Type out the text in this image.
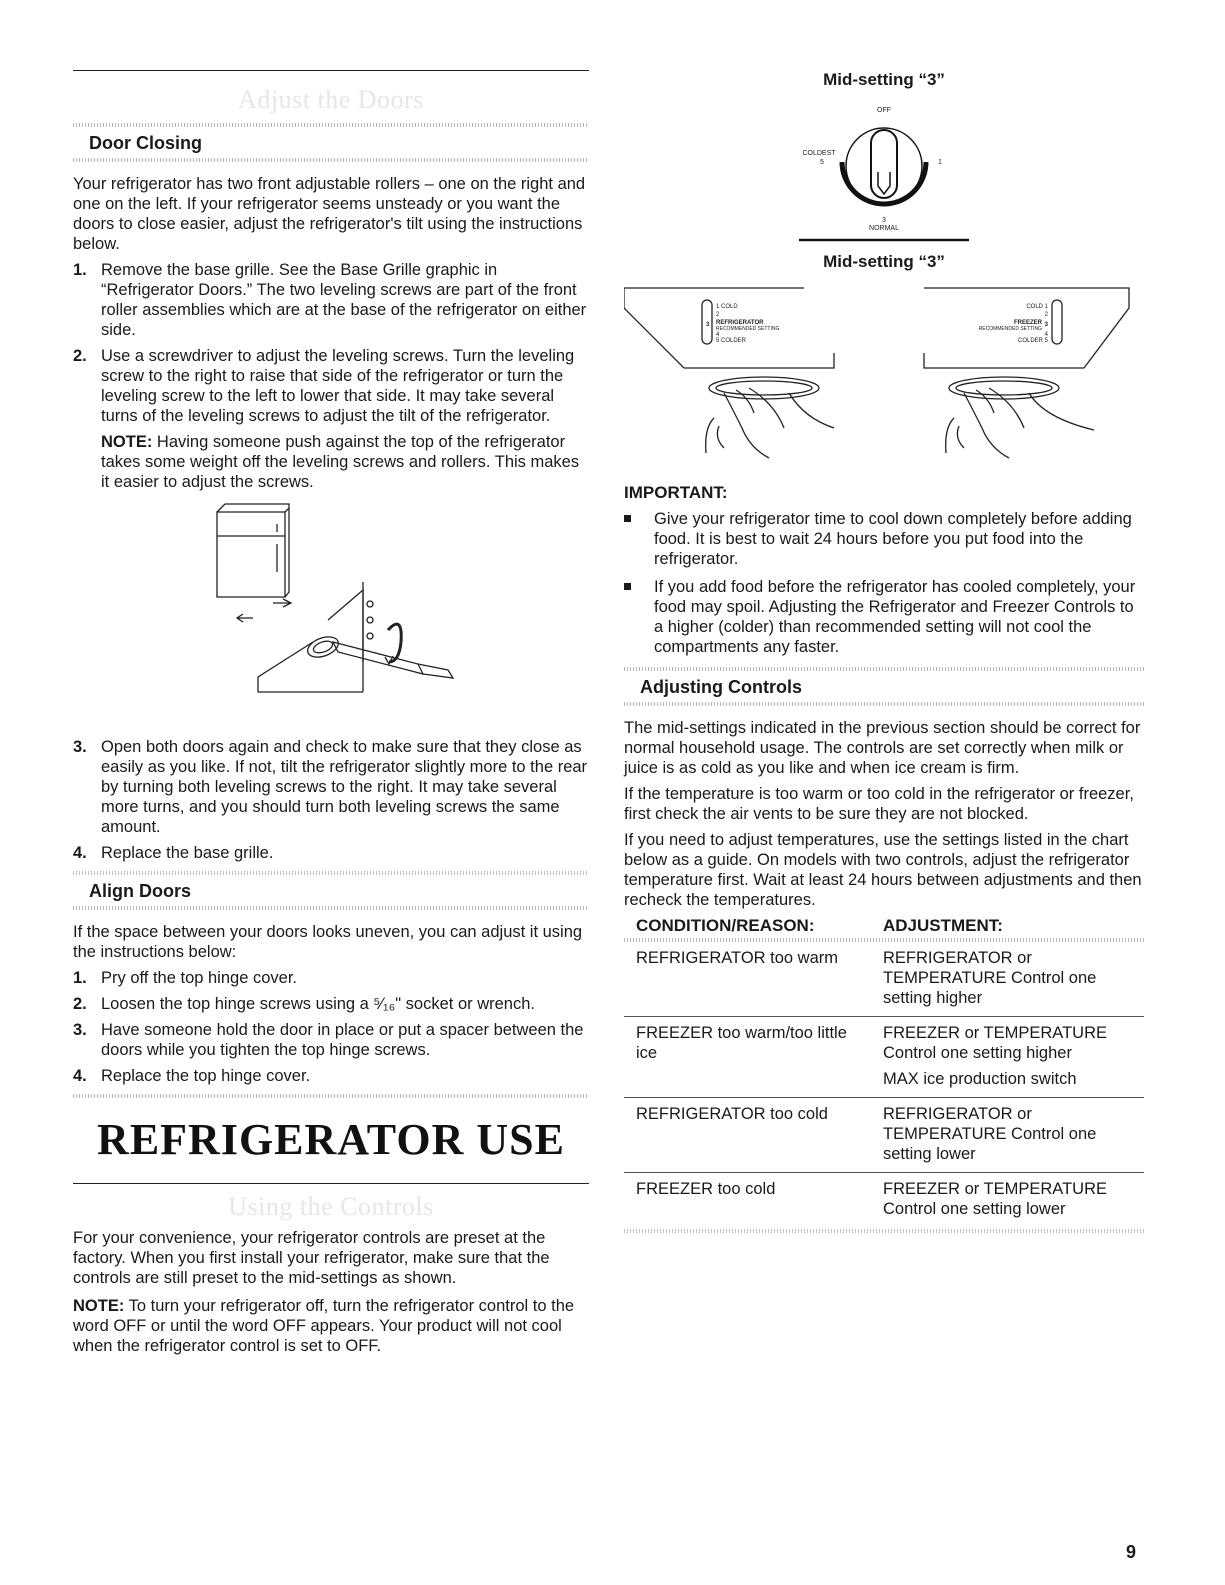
Adjust the Doors
Door Closing

Your refrigerator has two front adjustable rollers – one on the right and one on the left. If your refrigerator seems unsteady or you want the doors to close easier, adjust the refrigerator's tilt using the instructions below.

1. Remove the base grille. See the Base Grille graphic in “Refrigerator Doors.” The two leveling screws are part of the front roller assemblies which are at the base of the refrigerator on either side.
2. Use a screwdriver to adjust the leveling screws. Turn the leveling screw to the right to raise that side of the refrigerator or turn the leveling screw to the left to lower that side. It may take several turns of the leveling screws to adjust the tilt of the refrigerator.

NOTE: Having someone push against the top of the refrigerator takes some weight off the leveling screws and rollers. This makes it easier to adjust the screws.

3. Open both doors again and check to make sure that they close as easily as you like. If not, tilt the refrigerator slightly more to the rear by turning both leveling screws to the right. It may take several more turns, and you should turn both leveling screws the same amount.
4. Replace the base grille.
Align Doors

If the space between your doors looks uneven, you can adjust it using the instructions below:

1. Pry off the top hinge cover.
2. Loosen the top hinge screws using a ⁵⁄₁₆" socket or wrench.
3. Have someone hold the door in place or put a spacer between the doors while you tighten the top hinge screws.
4. Replace the top hinge cover.
REFRIGERATOR USE
Using the Controls

For your convenience, your refrigerator controls are preset at the factory. When you first install your refrigerator, make sure that the controls are still preset to the mid-settings as shown.

NOTE: To turn your refrigerator off, turn the refrigerator control to the word OFF or until the word OFF appears. Your product will not cool when the refrigerator control is set to OFF.

Mid-setting “3”
OFF
COLDEST
5	1
3
NORMAL
Mid-setting “3”
1 COLD
2
REFRIGERATOR
RECOMMENDED SETTING
4
5 COLDER
3
COLD 1
2
FREEZER
RECOMMENDED SETTING
4
COLDER 5
3
IMPORTANT:
Give your refrigerator time to cool down completely before adding food. It is best to wait 24 hours before you put food into the refrigerator.
If you add food before the refrigerator has cooled completely, your food may spoil. Adjusting the Refrigerator and Freezer Controls to a higher (colder) than recommended setting will not cool the compartments any faster.
Adjusting Controls

The mid-settings indicated in the previous section should be correct for normal household usage. The controls are set correctly when milk or juice is as cold as you like and when ice cream is firm.

If the temperature is too warm or too cold in the refrigerator or freezer, first check the air vents to be sure they are not blocked.

If you need to adjust temperatures, use the settings listed in the chart below as a guide. On models with two controls, adjust the refrigerator temperature first. Wait at least 24 hours between adjustments and then recheck the temperatures.

CONDITION/REASON:	ADJUSTMENT:

REFRIGERATOR too warm	REFRIGERATOR or TEMPERATURE Control one setting higher
FREEZER too warm/too little ice	FREEZER or TEMPERATURE Control one setting higher
MAX ice production switch

REFRIGERATOR too cold	REFRIGERATOR or TEMPERATURE Control one setting lower
FREEZER too cold	FREEZER or TEMPERATURE Control one setting lower
9
